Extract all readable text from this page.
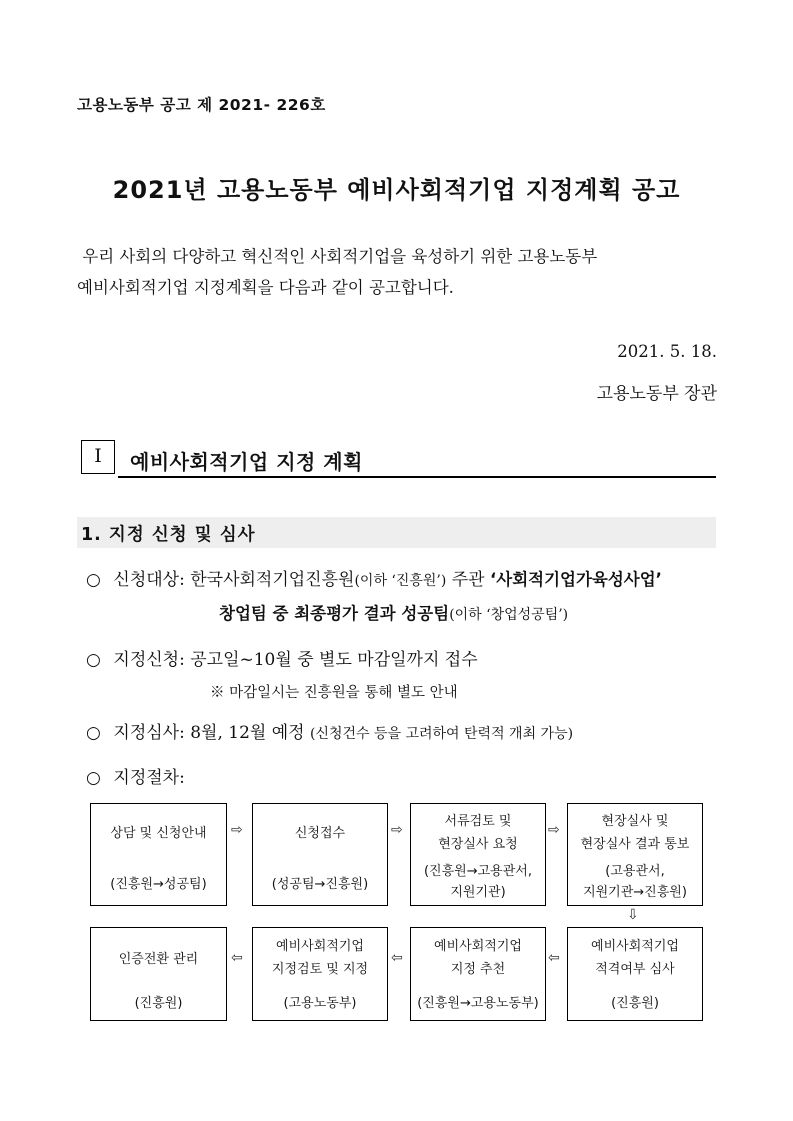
고용노동부 공고 제 2021- 226호
2021년 고용노동부 예비사회적기업 지정계획 공고

우리 사회의 다양하고 혁신적인 사회적기업을 육성하기 위한 고용노동부

예비사회적기업 지정계획을 다음과 같이 공고합니다.

2021. 5. 18.
고용노동부 장관
Ⅰ	예비사회적기업 지정 계획
1. 지정 신청 및 심사
○ 신청대상: 한국사회적기업진흥원(이하 ‘진흥원’) 주관 ‘사회적기업가육성사업’
창업팀 중 최종평가 결과 성공팀(이하 ‘창업성공팀’)
○ 지정신청: 공고일~10월 중 별도 마감일까지 접수
※ 마감일시는 진흥원을 통해 별도 안내
○ 지정심사: 8월, 12월 예정 (신청건수 등을 고려하여 탄력적 개최 가능)
○ 지정절차:
상담 및 신청안내
(진흥원→성공팀)
⇨	신청접수
(성공팀→진흥원)
⇨
서류검토 및
현장실사 요청
(진흥원→고용관서,
지원기관)
⇨
현장실사 및
현장실사 결과 통보
(고용관서,
지원기관→진흥원)
⇩
예비사회적기업
적격여부 심사
(진흥원)
⇦
예비사회적기업
지정 추천
(진흥원→고용노동부)
⇦
예비사회적기업
지정검토 및 지정
(고용노동부)
⇦
인증전환 관리
(진흥원)
